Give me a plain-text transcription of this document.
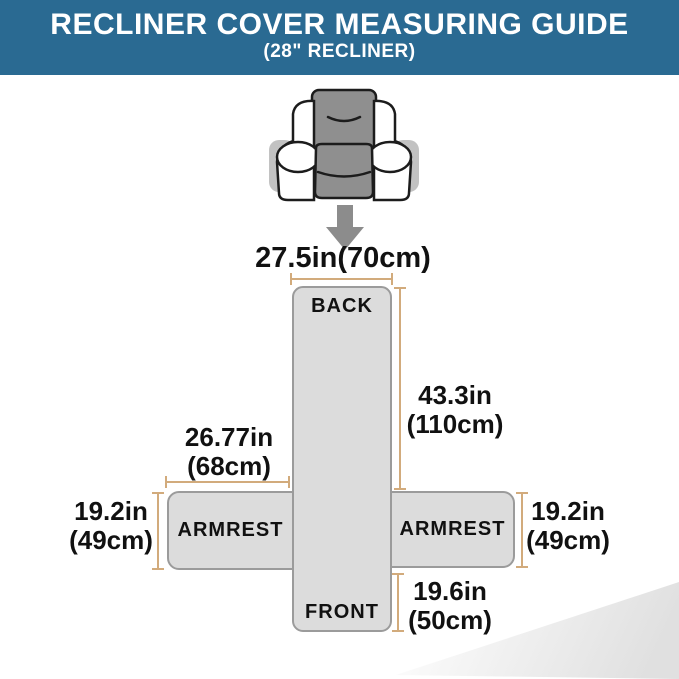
RECLINER COVER MEASURING GUIDE
(28" RECLINER)
ARMREST	ARMREST
BACK
FRONT
27.5in(70cm)
43.3in
(110cm)
26.77in
(68cm)
19.2in
(49cm)
19.2in
(49cm)
19.6in
(50cm)
